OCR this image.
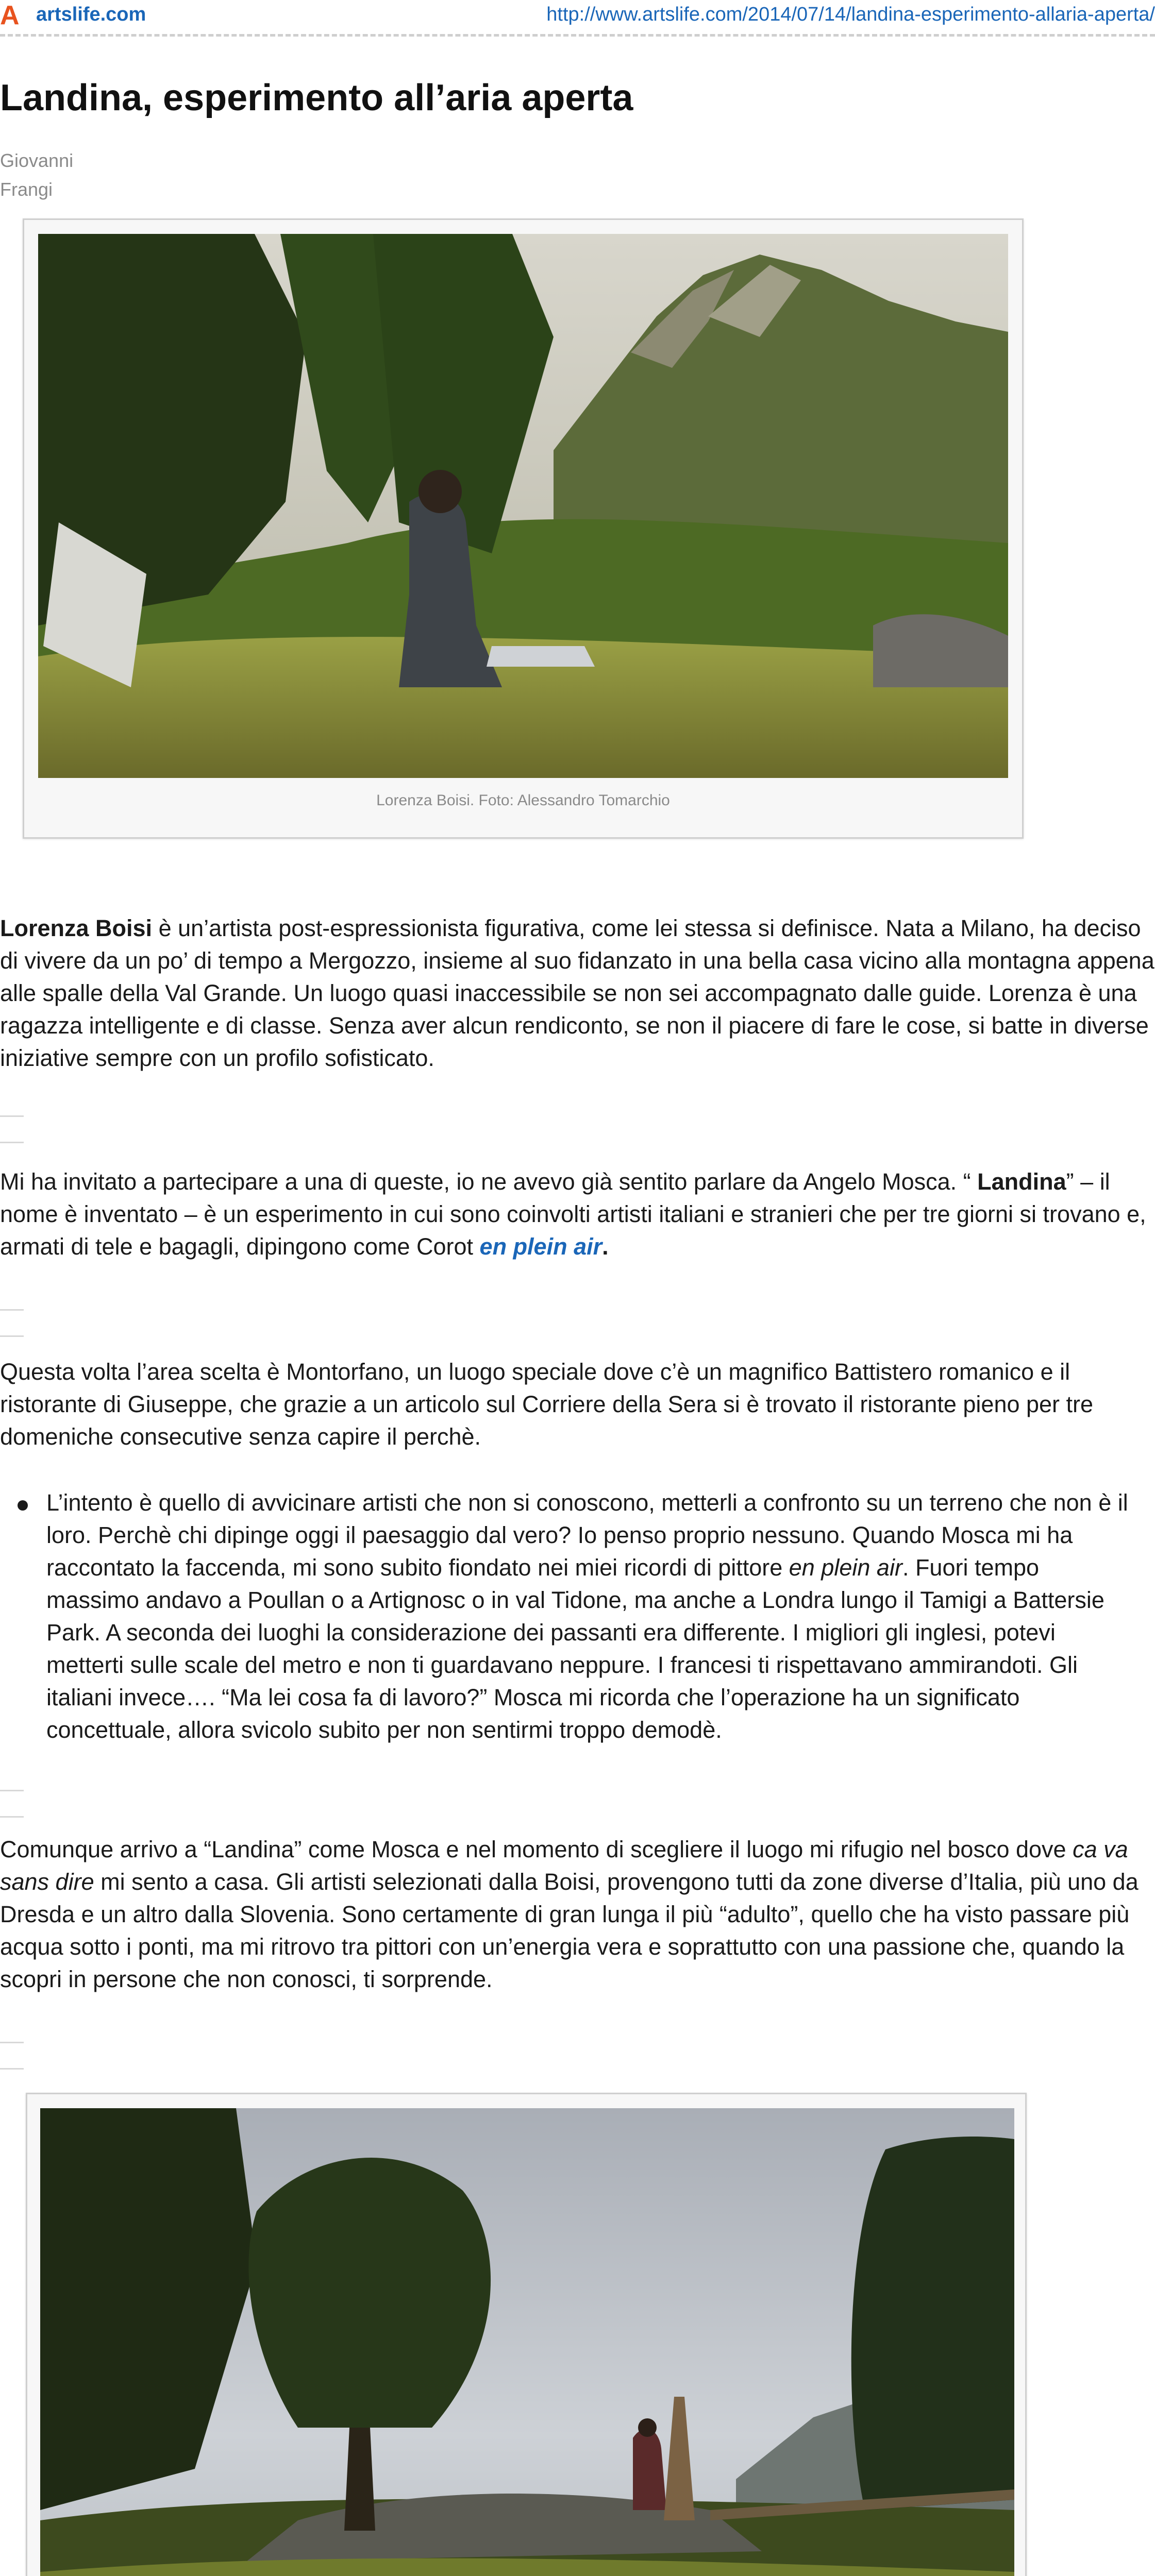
A artslife.com	http://www.artslife.com/2014/07/14/landina-esperimento-allaria-aperta/
Landina, esperimento all’aria aperta
Giovanni
Frangi
Lorenza Boisi. Foto: Alessandro Tomarchio

Lorenza Boisi è un’artista post-espressionista figurativa, come lei stessa si definisce. Nata a Milano, ha deciso di vivere da un po’ di tempo a Mergozzo, insieme al suo fidanzato in una bella casa vicino alla montagna appena alle spalle della Val Grande. Un luogo quasi inaccessibile se non sei accompagnato dalle guide. Lorenza è una ragazza intelligente e di classe. Senza aver alcun rendiconto, se non il piacere di fare le cose, si batte in diverse iniziative sempre con un profilo sofisticato.

Mi ha invitato a partecipare a una di queste, io ne avevo già sentito parlare da Angelo Mosca. “ Landina” – il nome è inventato – è un esperimento in cui sono coinvolti artisti italiani e stranieri che per tre giorni si trovano e, armati di tele e bagagli, dipingono come Corot en plein air.

Questa volta l’area scelta è Montorfano, un luogo speciale dove c’è un magnifico Battistero romanico e il ristorante di Giuseppe, che grazie a un articolo sul Corriere della Sera si è trovato il ristorante pieno per tre domeniche consecutive senza capire il perchè.

L’intento è quello di avvicinare artisti che non si conoscono, metterli a confronto su un terreno che non è il loro. Perchè chi dipinge oggi il paesaggio dal vero? Io penso proprio nessuno. Quando Mosca mi ha raccontato la faccenda, mi sono subito fiondato nei miei ricordi di pittore en plein air. Fuori tempo massimo andavo a Poullan o a Artignosc o in val Tidone, ma anche a Londra lungo il Tamigi a Battersie Park. A seconda dei luoghi la considerazione dei passanti era differente. I migliori gli inglesi, potevi metterti sulle scale del metro e non ti guardavano neppure. I francesi ti rispettavano ammirandoti. Gli italiani invece…. “Ma lei cosa fa di lavoro?” Mosca mi ricorda che l’operazione ha un significato concettuale, allora svicolo subito per non sentirmi troppo demodè.

Comunque arrivo a “Landina” come Mosca e nel momento di scegliere il luogo mi rifugio nel bosco dove ca va sans dire mi sento a casa. Gli artisti selezionati dalla Boisi, provengono tutti da zone diverse d’Italia, più uno da Dresda e un altro dalla Slovenia. Sono certamente di gran lunga il più “adulto”, quello che ha visto passare più acqua sotto i ponti, ma mi ritrovo tra pittori con un’energia vera e soprattutto con una passione che, quando la scopri in persone che non conosci, ti sorprende.
